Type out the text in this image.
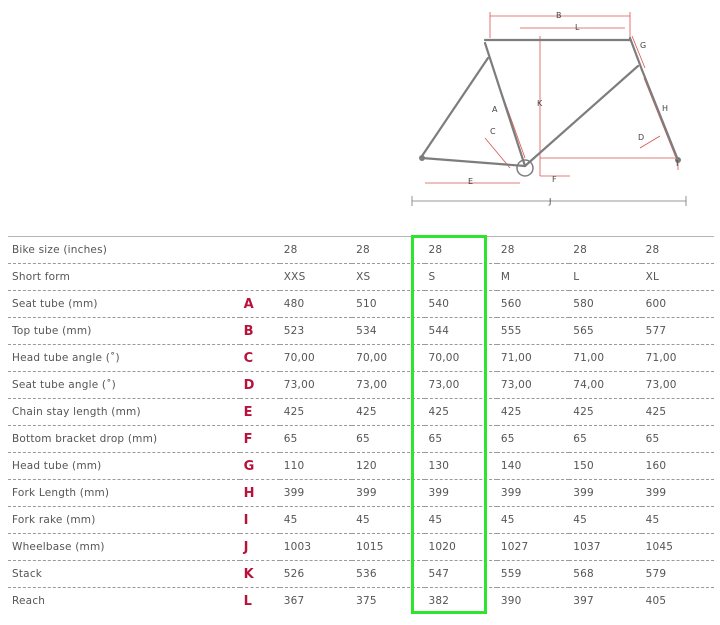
B
L
G
H
K
A
C
D
E	F
I
J
Bike size (inches)		28	28	28	28	28	28
Short form		XXS	XS	S	M	L	XL
Seat tube (mm)	A	480	510	540	560	580	600
Top tube (mm)	B	523	534	544	555	565	577
Head tube angle (˚)	C	70,00	70,00	70,00	71,00	71,00	71,00
Seat tube angle (˚)	D	73,00	73,00	73,00	73,00	74,00	73,00
Chain stay length (mm)	E	425	425	425	425	425	425
Bottom bracket drop (mm)	F	65	65	65	65	65	65
Head tube (mm)	G	110	120	130	140	150	160
Fork Length (mm)	H	399	399	399	399	399	399
Fork rake (mm)	I	45	45	45	45	45	45
Wheelbase (mm)	J	1003	1015	1020	1027	1037	1045
Stack	K	526	536	547	559	568	579
Reach	L	367	375	382	390	397	405
